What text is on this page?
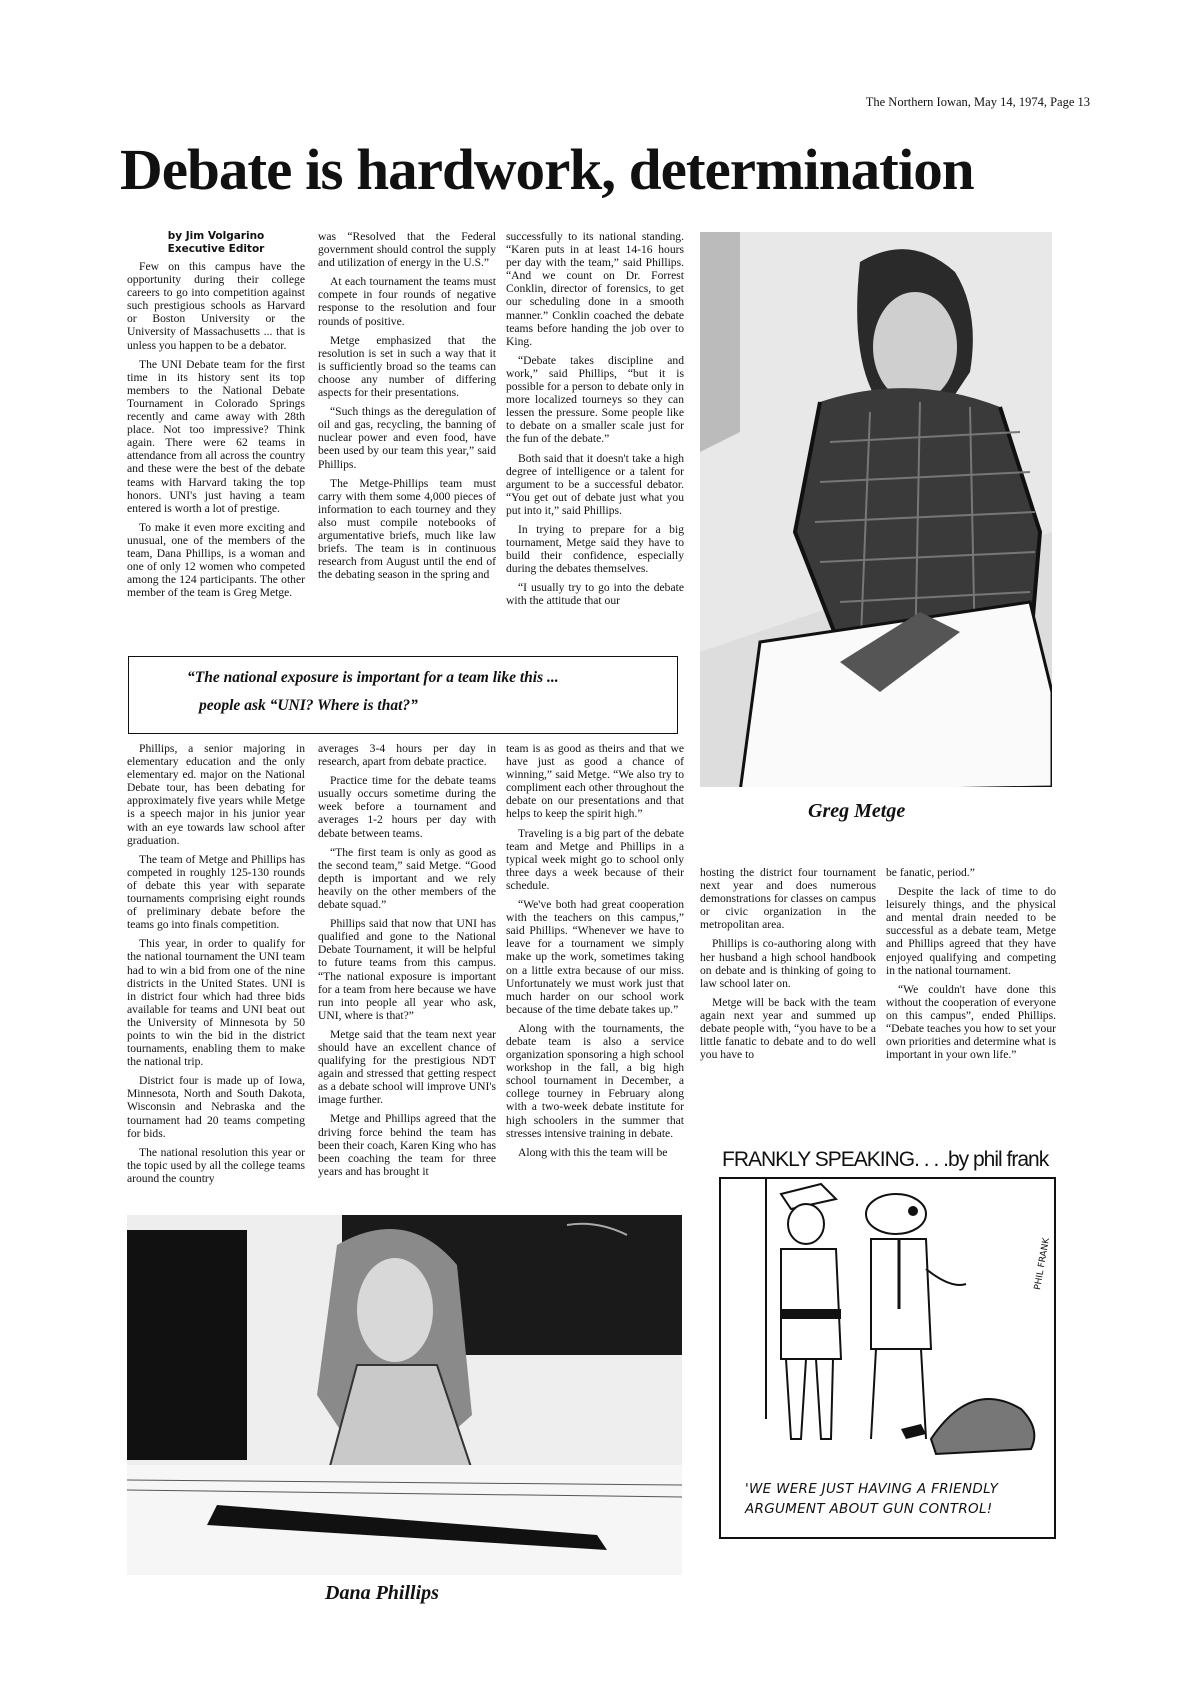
The Northern Iowan, May 14, 1974, Page 13
Debate is hardwork, determination
by Jim Volgarino
Executive Editor

Few on this campus have the opportunity during their college careers to go into competition against such prestigious schools as Harvard or Boston University or the University of Massachusetts ... that is unless you happen to be a debator.

The UNI Debate team for the first time in its history sent its top members to the National Debate Tournament in Colorado Springs recently and came away with 28th place. Not too impressive? Think again. There were 62 teams in attendance from all across the country and these were the best of the debate teams with Harvard taking the top honors. UNI's just having a team entered is worth a lot of prestige.

To make it even more exciting and unusual, one of the members of the team, Dana Phillips, is a woman and one of only 12 women who competed among the 124 participants. The other member of the team is Greg Metge.

was “Resolved that the Federal government should control the supply and utilization of energy in the U.S.”

At each tournament the teams must compete in four rounds of negative response to the resolution and four rounds of positive.

Metge emphasized that the resolution is set in such a way that it is sufficiently broad so the teams can choose any number of differing aspects for their presentations.

“Such things as the deregulation of oil and gas, recycling, the banning of nuclear power and even food, have been used by our team this year,” said Phillips.

The Metge-Phillips team must carry with them some 4,000 pieces of information to each tourney and they also must compile notebooks of argumentative briefs, much like law briefs. The team is in continuous research from August until the end of the debating season in the spring and

successfully to its national standing. “Karen puts in at least 14-16 hours per day with the team,” said Phillips. “And we count on Dr. Forrest Conklin, director of forensics, to get our scheduling done in a smooth manner.” Conklin coached the debate teams before handing the job over to King.

“Debate takes discipline and work,” said Phillips, “but it is possible for a person to debate only in more localized tourneys so they can lessen the pressure. Some people like to debate on a smaller scale just for the fun of the debate.”

Both said that it doesn't take a high degree of intelligence or a talent for argument to be a successful debator. “You get out of debate just what you put into it,” said Phillips.

In trying to prepare for a big tournament, Metge said they have to build their confidence, especially during the debates themselves.

“I usually try to go into the debate with the attitude that our

“The national exposure is important for a team like this ...
people ask “UNI? Where is that?”
Greg Metge

Phillips, a senior majoring in elementary education and the only elementary ed. major on the National Debate tour, has been debating for approximately five years while Metge is a speech major in his junior year with an eye towards law school after graduation.

The team of Metge and Phillips has competed in roughly 125-130 rounds of debate this year with separate tournaments comprising eight rounds of preliminary debate before the teams go into finals competition.

This year, in order to qualify for the national tournament the UNI team had to win a bid from one of the nine districts in the United States. UNI is in district four which had three bids available for teams and UNI beat out the University of Minnesota by 50 points to win the bid in the district tournaments, enabling them to make the national trip.

District four is made up of Iowa, Minnesota, North and South Dakota, Wisconsin and Nebraska and the tournament had 20 teams competing for bids.

The national resolution this year or the topic used by all the college teams around the country

averages 3-4 hours per day in research, apart from debate practice.

Practice time for the debate teams usually occurs sometime during the week before a tournament and averages 1-2 hours per day with debate between teams.

“The first team is only as good as the second team,” said Metge. “Good depth is important and we rely heavily on the other members of the debate squad.”

Phillips said that now that UNI has qualified and gone to the National Debate Tournament, it will be helpful to future teams from this campus. “The national exposure is important for a team from here because we have run into people all year who ask, UNI, where is that?”

Metge said that the team next year should have an excellent chance of qualifying for the prestigious NDT again and stressed that getting respect as a debate school will improve UNI's image further.

Metge and Phillips agreed that the driving force behind the team has been their coach, Karen King who has been coaching the team for three years and has brought it

team is as good as theirs and that we have just as good a chance of winning,” said Metge. “We also try to compliment each other throughout the debate on our presentations and that helps to keep the spirit high.”

Traveling is a big part of the debate team and Metge and Phillips in a typical week might go to school only three days a week because of their schedule.

“We've both had great cooperation with the teachers on this campus,” said Phillips. “Whenever we have to leave for a tournament we simply make up the work, sometimes taking on a little extra because of our miss. Unfortunately we must work just that much harder on our school work because of the time debate takes up.”

Along with the tournaments, the debate team is also a service organization sponsoring a high school workshop in the fall, a big high school tournament in December, a college tourney in February along with a two-week debate institute for high schoolers in the summer that stresses intensive training in debate.

Along with this the team will be

hosting the district four tournament next year and does numerous demonstrations for classes on campus or civic organization in the metropolitan area.

Phillips is co-authoring along with her husband a high school handbook on debate and is thinking of going to law school later on.

Metge will be back with the team again next year and summed up debate people with, “you have to be a little fanatic to debate and to do well you have to

be fanatic, period.”

Despite the lack of time to do leisurely things, and the physical and mental drain needed to be successful as a debate team, Metge and Phillips agreed that they have enjoyed qualifying and competing in the national tournament.

“We couldn't have done this without the cooperation of everyone on this campus”, ended Phillips. “Debate teaches you how to set your own priorities and determine what is important in your own life.”

Dana Phillips
FRANKLY SPEAKING. . . .by phil frank
PHIL FRANK
'WE WERE JUST HAVING A FRIENDLY
ARGUMENT ABOUT GUN CONTROL!
